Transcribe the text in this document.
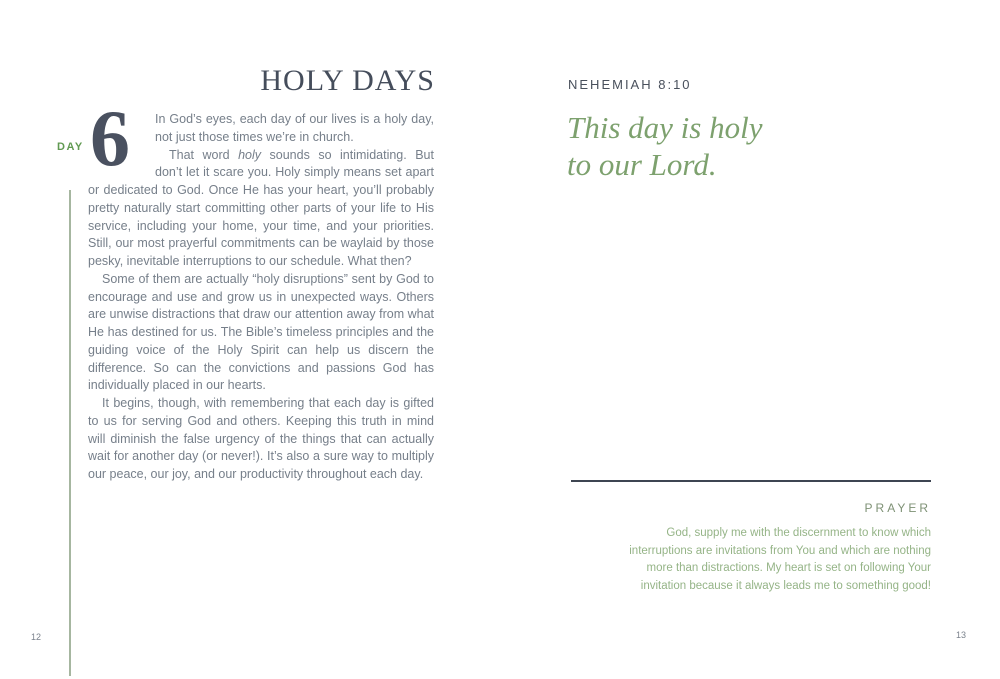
HOLY DAYS
DAY 6	In God’s eyes, each day of our lives is a holy day, not just those times we’re in church.

That word holy sounds so intimidating. But don’t let it scare you. Holy simply means set apart or dedicated to God. Once He has your heart, you’ll probably pretty naturally start committing other parts of your life to His service, including your home, your time, and your priorities. Still, our most prayerful commitments can be waylaid by those pesky, inevitable interruptions to our schedule. What then?

Some of them are actually “holy disruptions” sent by God to encourage and use and grow us in unexpected ways. Others are unwise distractions that draw our attention away from what He has destined for us. The Bible’s timeless principles and the guiding voice of the Holy Spirit can help us discern the difference. So can the convictions and passions God has individually placed in our hearts.

It begins, though, with remembering that each day is gifted to us for serving God and others. Keeping this truth in mind will diminish the false urgency of the things that can actually wait for another day (or never!). It’s also a sure way to multiply our peace, our joy, and our productivity throughout each day.

12
NEHEMIAH 8:10
This day is holy
to our Lord.
PRAYER
God, supply me with the discernment to know which
interruptions are invitations from You and which are nothing
more than distractions. My heart is set on following Your
invitation because it always leads me to something good!
13
